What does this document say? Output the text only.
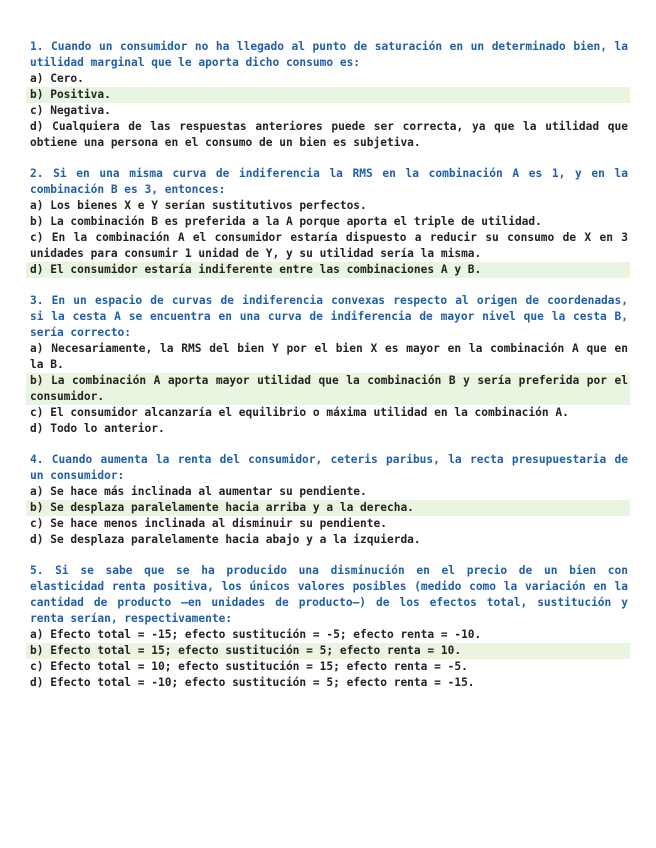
1. Cuando un consumidor no ha llegado al punto de saturación en un determinado bien, la utilidad marginal que le aporta dicho consumo es:

a) Cero.

b) Positiva.

c) Negativa.

d) Cualquiera de las respuestas anteriores puede ser correcta, ya que la utilidad que obtiene una persona en el consumo de un bien es subjetiva.

2. Si en una misma curva de indiferencia la RMS en la combinación A es 1, y en la combinación B es 3, entonces:

a) Los bienes X e Y serían sustitutivos perfectos.

b) La combinación B es preferida a la A porque aporta el triple de utilidad.

c) En la combinación A el consumidor estaría dispuesto a reducir su consumo de X en 3 unidades para consumir 1 unidad de Y, y su utilidad sería la misma.

d) El consumidor estaría indiferente entre las combinaciones A y B.

3. En un espacio de curvas de indiferencia convexas respecto al origen de coordenadas, si la cesta A se encuentra en una curva de indiferencia de mayor nivel que la cesta B, sería correcto:

a) Necesariamente, la RMS del bien Y por el bien X es mayor en la combinación A que en la B.

b) La combinación A aporta mayor utilidad que la combinación B y sería preferida por el consumidor.

c) El consumidor alcanzaría el equilibrio o máxima utilidad en la combinación A.

d) Todo lo anterior.

4. Cuando aumenta la renta del consumidor, ceteris paribus, la recta presupuestaria de un consumidor:

a) Se hace más inclinada al aumentar su pendiente.

b) Se desplaza paralelamente hacia arriba y a la derecha.

c) Se hace menos inclinada al disminuir su pendiente.

d) Se desplaza paralelamente hacia abajo y a la izquierda.

5. Si se sabe que se ha producido una disminución en el precio de un bien con elasticidad renta positiva, los únicos valores posibles (medido como la variación en la cantidad de producto –en unidades de producto–) de los efectos total, sustitución y renta serían, respectivamente:

a) Efecto total = -15; efecto sustitución = -5; efecto renta = -10.

b) Efecto total = 15; efecto sustitución = 5; efecto renta = 10.

c) Efecto total = 10; efecto sustitución = 15; efecto renta = -5.

d) Efecto total = -10; efecto sustitución = 5; efecto renta = -15.
